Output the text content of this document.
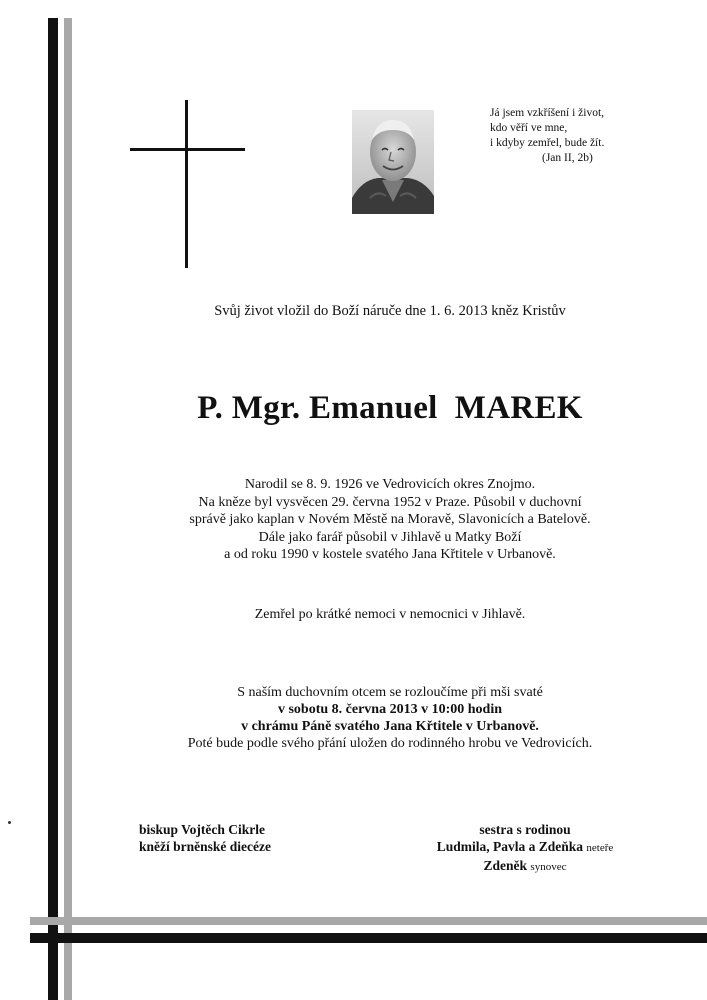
Já jsem vzkříšení i život,
kdo věří ve mne,
i kdyby zemřel, bude žít.
(Jan II, 2b)
Svůj život vložil do Boží náruče dne 1. 6. 2013 kněz Kristův
P. Mgr. Emanuel  MAREK
Narodil se 8. 9. 1926 ve Vedrovicích okres Znojmo.
Na kněze byl vysvěcen 29. června 1952 v Praze. Působil v duchovní
správě jako kaplan v Novém Městě na Moravě, Slavonicích a Batelově.
Dále jako farář působil v Jihlavě u Matky Boží
a od roku 1990 v kostele svatého Jana Křtitele v Urbanově.
Zemřel po krátké nemoci v nemocnici v Jihlavě.
S naším duchovním otcem se rozloučíme při mši svaté
v sobotu 8. června 2013 v 10:00 hodin
v chrámu Páně svatého Jana Křtitele v Urbanově.
Poté bude podle svého přání uložen do rodinného hrobu ve Vedrovicích.
biskup Vojtěch Cikrle
kněží brněnské diecéze
sestra s rodinou
Ludmila, Pavla a Zdeňka neteře
Zdeněk synovec
